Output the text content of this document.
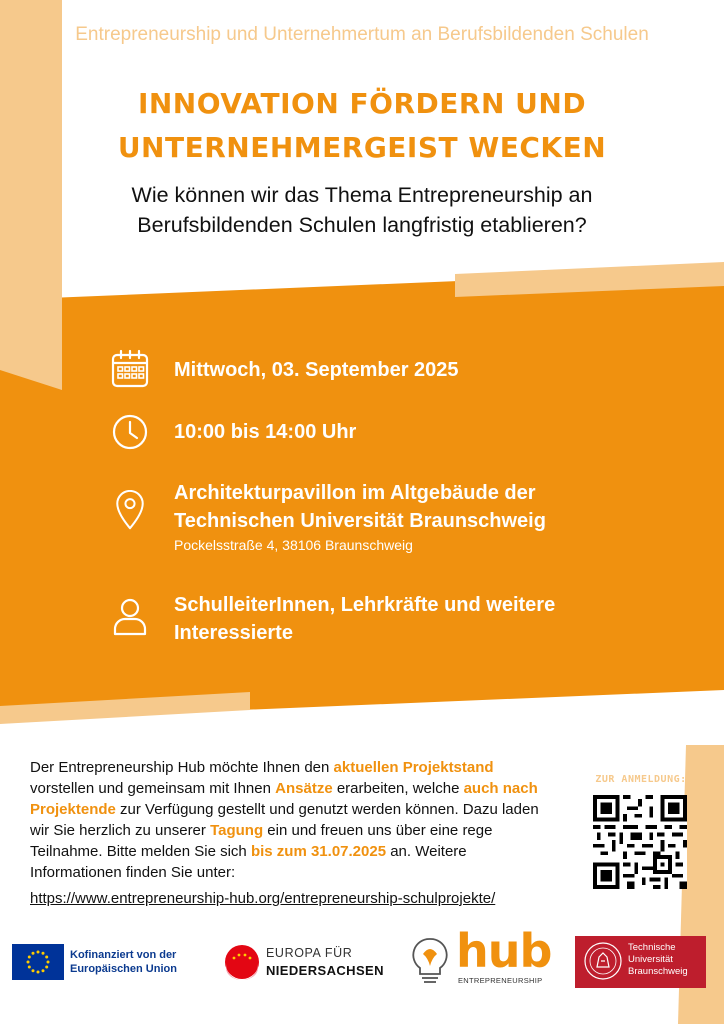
Entrepreneurship und Unternehmertum an Berufsbildenden Schulen
INNOVATION FÖRDERN UND
UNTERNEHMERGEIST WECKEN
Wie können wir das Thema Entrepreneurship an
Berufsbildenden Schulen langfristig etablieren?
Mittwoch, 03. September 2025
10:00 bis 14:00 Uhr
Architekturpavillon im Altgebäude der
Technischen Universität Braunschweig
Pockelsstraße 4, 38106 Braunschweig
SchulleiterInnen, Lehrkräfte und weitere
Interessierte
Der Entrepreneurship Hub möchte Ihnen den aktuellen Projektstand vorstellen und gemeinsam mit Ihnen Ansätze erarbeiten, welche auch nach Projektende zur Verfügung gestellt und genutzt werden können. Dazu laden wir Sie herzlich zu unserer Tagung ein und freuen uns über eine rege Teilnahme. Bitte melden Sie sich bis zum 31.07.2025 an. Weitere Informationen finden Sie unter:
https://www.entrepreneurship-hub.org/entrepreneurship-schulprojekte/
ZUR ANMELDUNG:
Kofinanziert von der
Europäischen Union
EUROPA FÜR
NIEDERSACHSEN hub
ENTREPRENEURSHIP
Technische
Universität
Braunschweig
